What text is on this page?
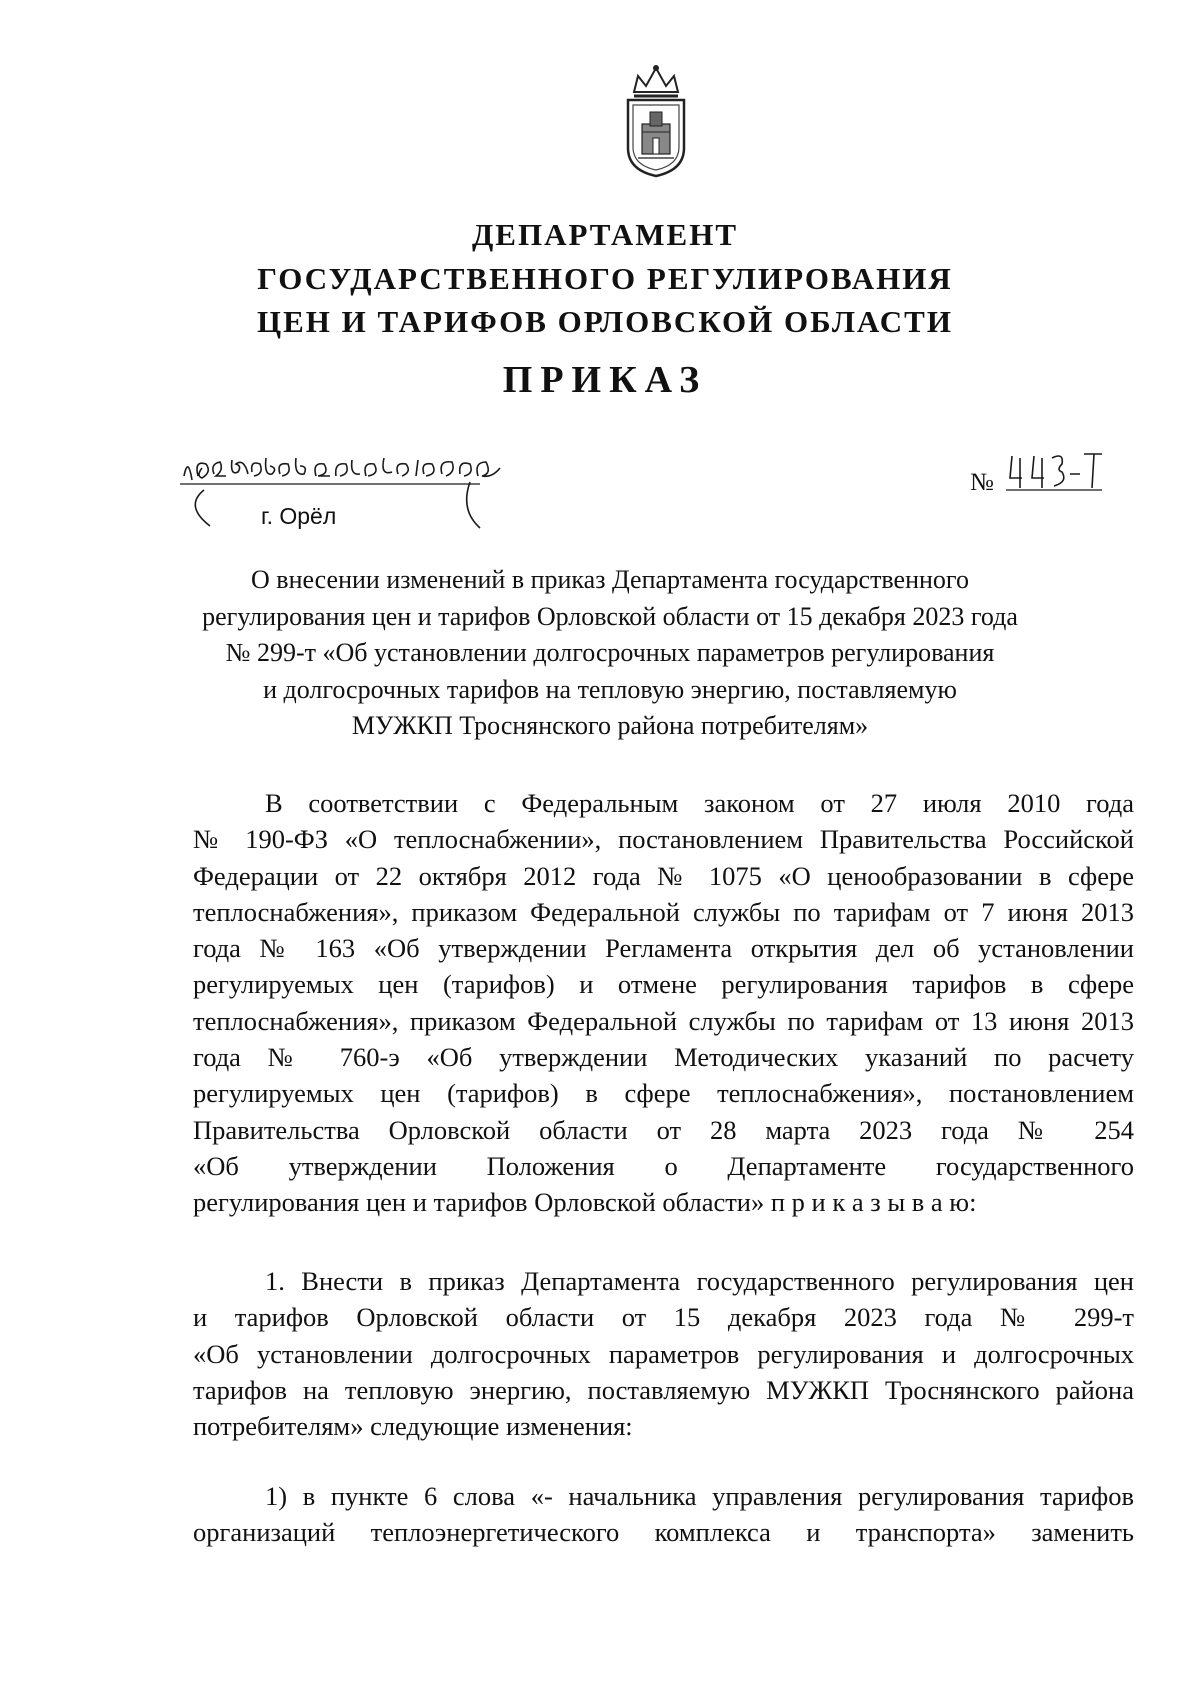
ДЕПАРТАМЕНТ
ГОСУДАРСТВЕННОГО РЕГУЛИРОВАНИЯ
ЦЕН И ТАРИФОВ ОРЛОВСКОЙ ОБЛАСТИ
ПРИКАЗ
г. Орёл
№
О внесении изменений в приказ Департамента государственного
регулирования цен и тарифов Орловской области от 15 декабря 2023 года
№ 299-т «Об установлении долгосрочных параметров регулирования
и долгосрочных тарифов на тепловую энергию, поставляемую
МУЖКП Троснянского района потребителям»
В соответствии с Федеральным законом от 27 июля 2010 года
№ 190-ФЗ «О теплоснабжении», постановлением Правительства Российской
Федерации от 22 октября 2012 года № 1075 «О ценообразовании в сфере
теплоснабжения», приказом Федеральной службы по тарифам от 7 июня 2013
года № 163 «Об утверждении Регламента открытия дел об установлении
регулируемых цен (тарифов) и отмене регулирования тарифов в сфере
теплоснабжения», приказом Федеральной службы по тарифам от 13 июня 2013
года № 760-э «Об утверждении Методических указаний по расчету
регулируемых цен (тарифов) в сфере теплоснабжения», постановлением
Правительства Орловской области от 28 марта 2023 года № 254
«Об утверждении Положения о Департаменте государственного
регулирования цен и тарифов Орловской области» п р и к а з ы в а ю:
1. Внести в приказ Департамента государственного регулирования цен
и тарифов Орловской области от 15 декабря 2023 года № 299-т
«Об установлении долгосрочных параметров регулирования и долгосрочных
тарифов на тепловую энергию, поставляемую МУЖКП Троснянского района
потребителям» следующие изменения:
1) в пункте 6 слова «- начальника управления регулирования тарифов
организаций теплоэнергетического комплекса и транспорта» заменить
